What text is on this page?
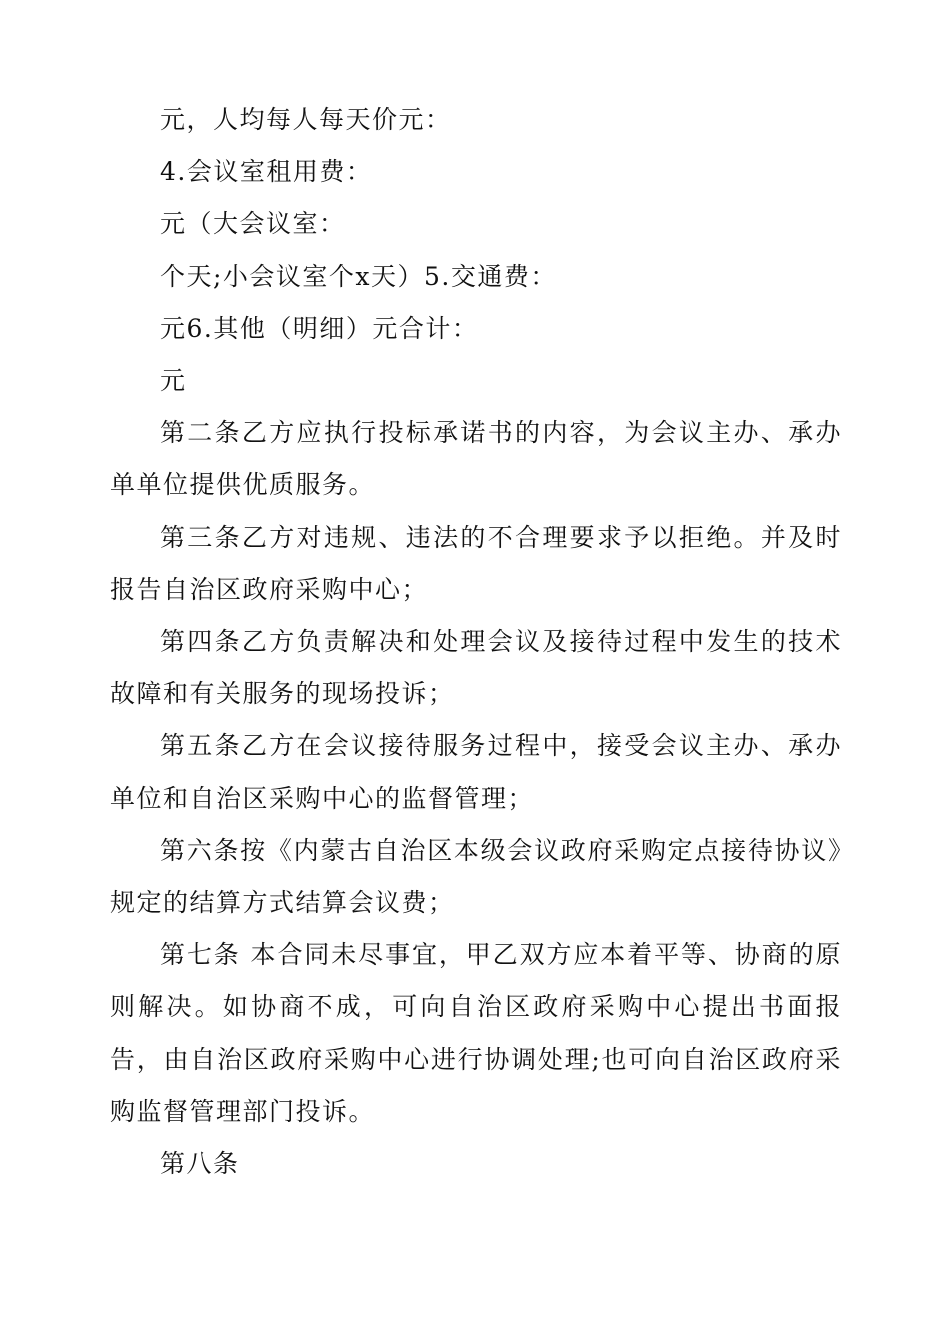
元，人均每人每天价元：

4.会议室租用费：

元（大会议室：

个天;小会议室个x天）5.交通费：

元6.其他（明细）元合计：

元

第二条乙方应执行投标承诺书的内容，为会议主办、承办单单位提供优质服务。

第三条乙方对违规、违法的不合理要求予以拒绝。并及时报告自治区政府采购中心；

第四条乙方负责解决和处理会议及接待过程中发生的技术故障和有关服务的现场投诉；

第五条乙方在会议接待服务过程中，接受会议主办、承办单位和自治区采购中心的监督管理；

第六条按《内蒙古自治区本级会议政府采购定点接待协议》规定的结算方式结算会议费；

第七条 本合同未尽事宜，甲乙双方应本着平等、协商的原则解决。如协商不成，可向自治区政府采购中心提出书面报告，由自治区政府采购中心进行协调处理;也可向自治区政府采购监督管理部门投诉。

第八条
